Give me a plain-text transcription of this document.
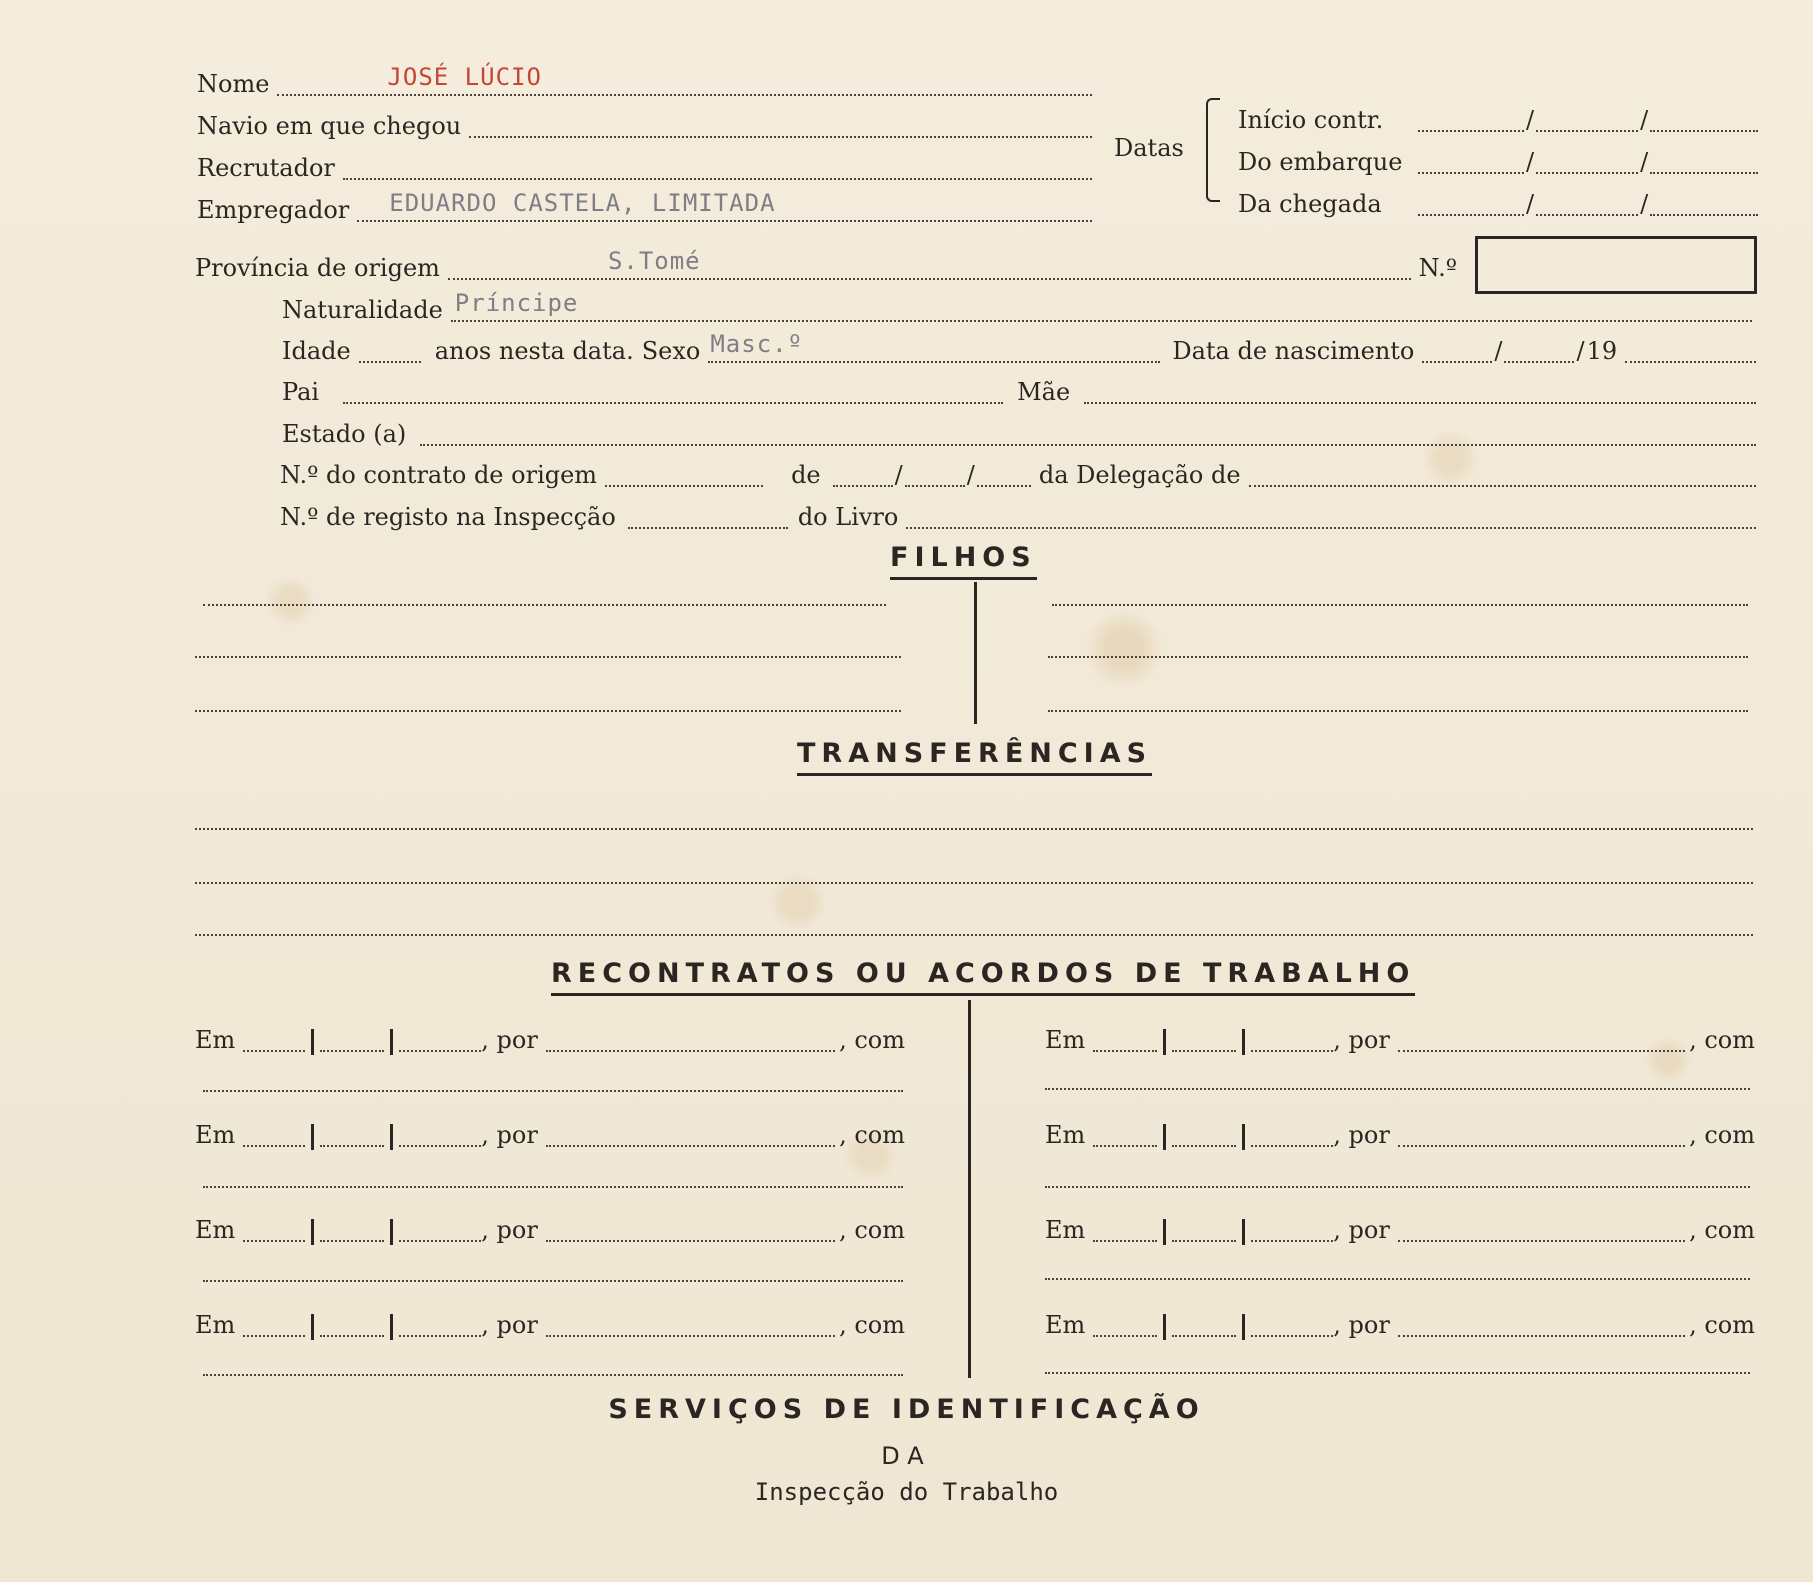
Nome	JOSÉ LÚCIO
Navio em que chegou
Recrutador
Empregador	EDUARDO CASTELA, LIMITADA
Datas
Início contr.	/	/
Do embarque	/	/
Da chegada	/	/
Província de origem	S.Tomé	N.º
Naturalidade Príncipe
Idade	anos nesta data. Sexo Masc.º	Data de nascimento	/	/ 19
Pai	Mãe
Estado (a)
N.º do contrato de origem	de	/	/	da Delegação de
N.º de registo na Inspecção	do Livro
FILHOS
TRANSFERÊNCIAS
RECONTRATOS OU ACORDOS DE TRABALHO
Em	, por	, com
Em	, por	, com
Em	, por	, com
Em	, por	, com
Em	, por	, com
Em	, por	, com
Em	, por	, com
Em	, por	, com
SERVIÇOS DE IDENTIFICAÇÃO
DA
Inspecção do Trabalho
